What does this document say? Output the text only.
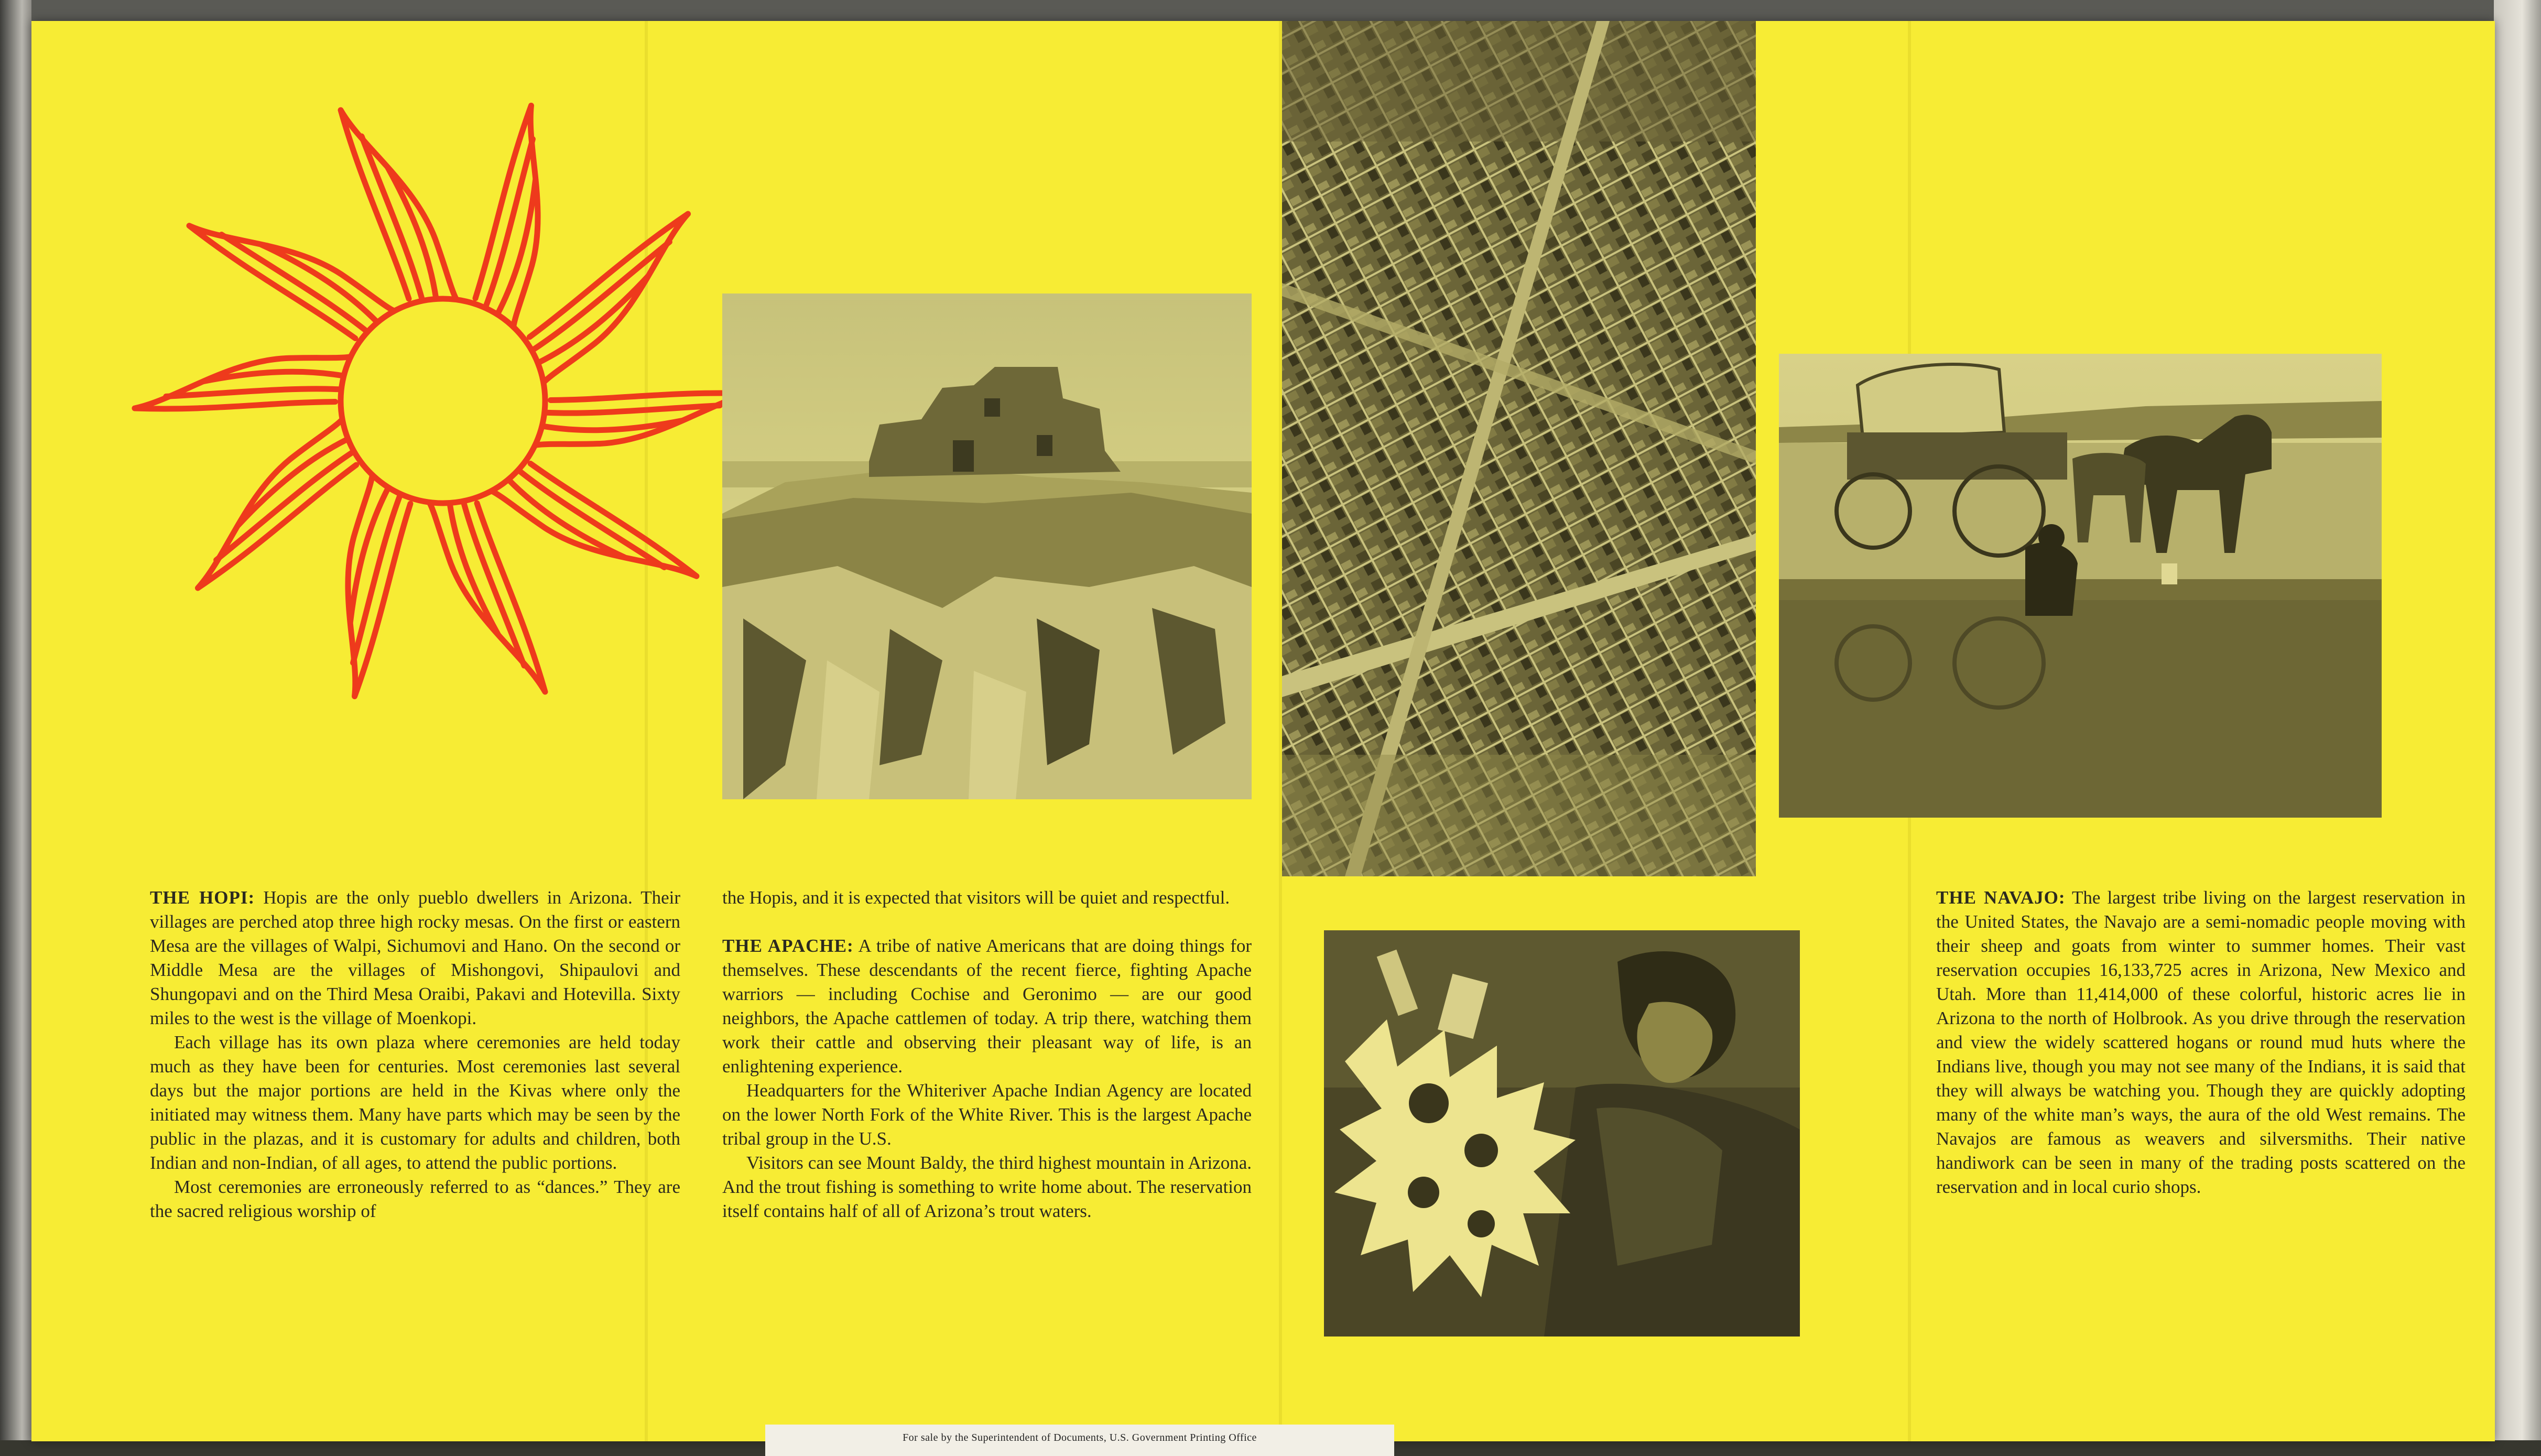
THE HOPI: Hopis are the only pueblo dwellers in Arizona. Their villages are perched atop three high rocky mesas. On the first or eastern Mesa are the villages of Walpi, Sichumovi and Hano. On the second or Middle Mesa are the villages of Mishongovi, Shipaulovi and Shungopavi and on the Third Mesa Oraibi, Pakavi and Hotevilla. Sixty miles to the west is the village of Moenkopi.

Each village has its own plaza where ceremonies are held today much as they have been for centuries. Most ceremonies last several days but the major portions are held in the Kivas where only the initiated may witness them. Many have parts which may be seen by the public in the plazas, and it is customary for adults and children, both Indian and non-Indian, of all ages, to attend the public portions.

Most ceremonies are erroneously referred to as “dances.” They are the sacred religious worship of

the Hopis, and it is expected that visitors will be quiet and respectful.

THE APACHE: A tribe of native Americans that are doing things for themselves. These descendants of the recent fierce, fighting Apache warriors — including Cochise and Geronimo — are our good neighbors, the Apache cattlemen of today. A trip there, watching them work their cattle and observing their pleasant way of life, is an enlightening experience.

Headquarters for the Whiteriver Apache Indian Agency are located on the lower North Fork of the White River. This is the largest Apache tribal group in the U.S.

Visitors can see Mount Baldy, the third highest mountain in Arizona. And the trout fishing is something to write home about. The reservation itself contains half of all of Arizona’s trout waters.

THE NAVAJO: The largest tribe living on the largest reservation in the United States, the Navajo are a semi-nomadic people moving with their sheep and goats from winter to summer homes. Their vast reservation occupies 16,133,725 acres in Arizona, New Mexico and Utah. More than 11,414,000 of these colorful, historic acres lie in Arizona to the north of Holbrook. As you drive through the reservation and view the widely scattered hogans or round mud huts where the Indians live, though you may not see many of the Indians, it is said that they will always be watching you. Though they are quickly adopting many of the white man’s ways, the aura of the old West remains. The Navajos are famous as weavers and silversmiths. Their native handiwork can be seen in many of the trading posts scattered on the reservation and in local curio shops.

For sale by the Superintendent of Documents, U.S. Government Printing Office
